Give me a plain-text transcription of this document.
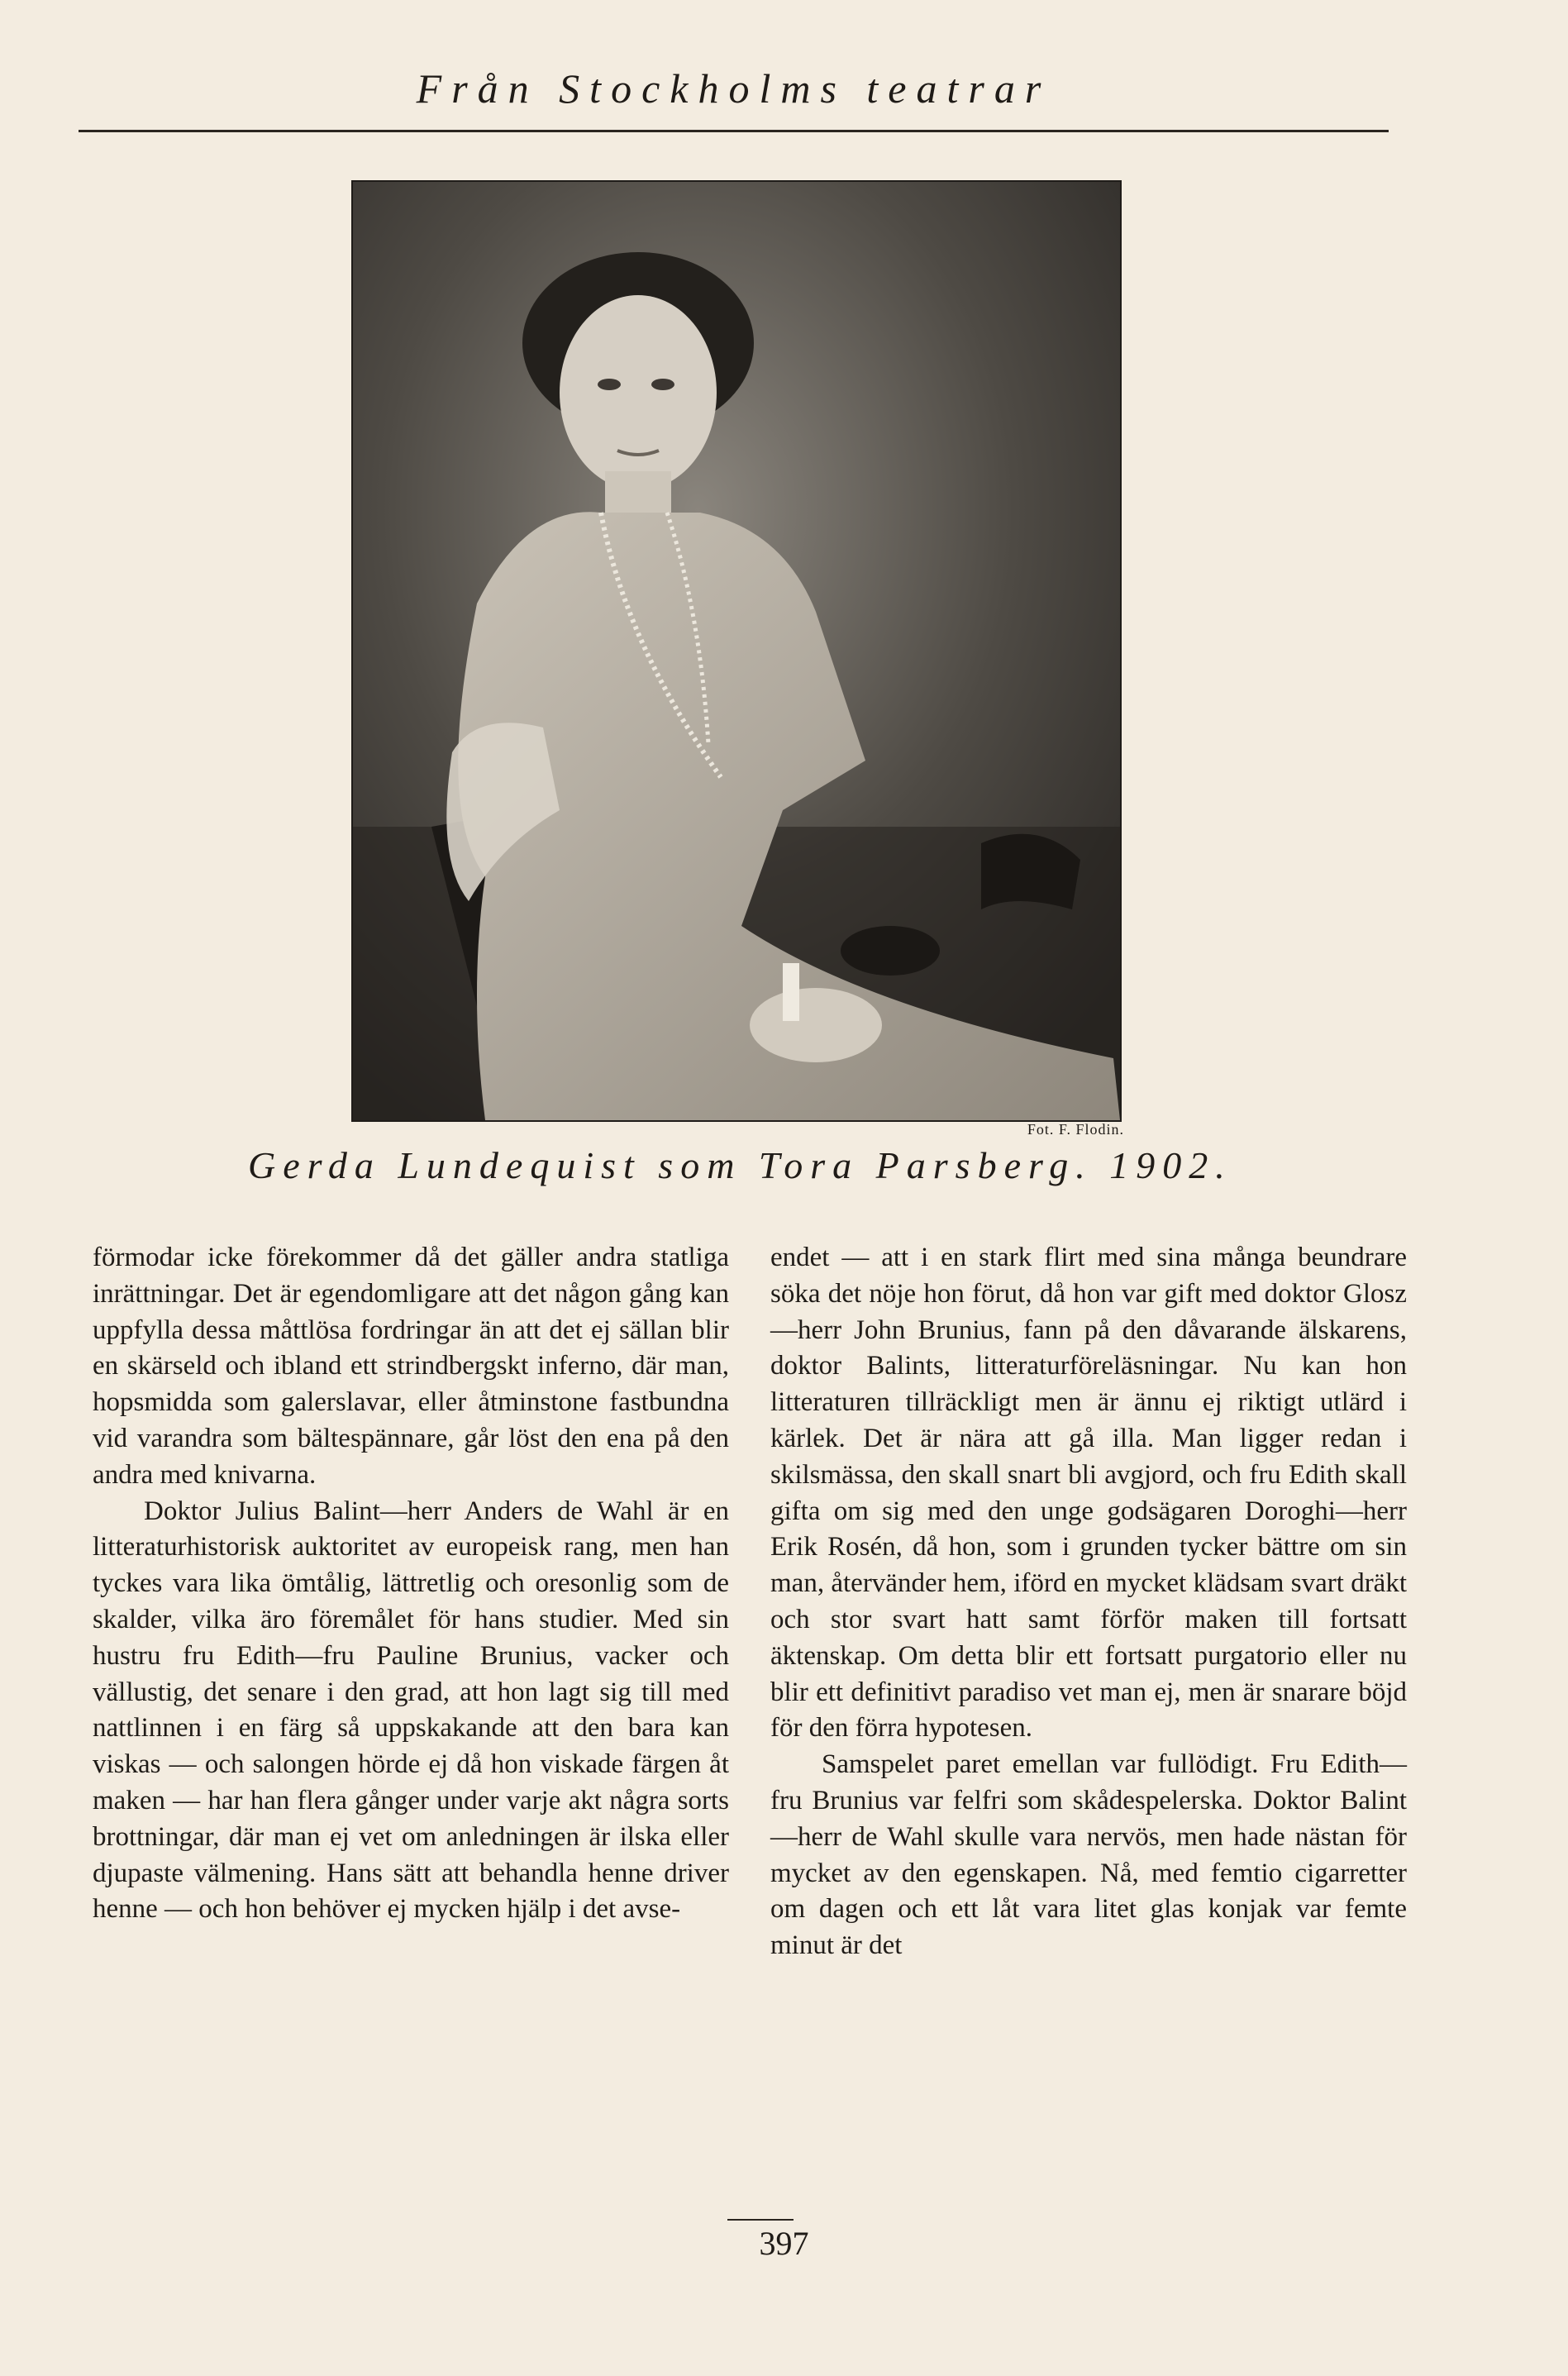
Från Stockholms teatrar
Fot. F. Flodin.
Gerda Lundequist som Tora Parsberg. 1902.

förmodar icke förekommer då det gäller andra statliga inrättningar. Det är egendomligare att det någon gång kan uppfylla dessa måttlösa fordringar än att det ej sällan blir en skärseld och ibland ett strindbergskt inferno, där man, hopsmidda som galerslavar, eller åtminstone fastbundna vid varandra som bältespännare, går löst den ena på den andra med knivarna.

Doktor Julius Balint—herr Anders de Wahl är en litteraturhistorisk auktoritet av europeisk rang, men han tyckes vara lika ömtålig, lättretlig och oresonlig som de skalder, vilka äro föremålet för hans studier. Med sin hustru fru Edith—fru Pauline Brunius, vacker och vällustig, det senare i den grad, att hon lagt sig till med nattlinnen i en färg så uppskakande att den bara kan viskas — och salongen hörde ej då hon viskade färgen åt maken — har han flera gånger under varje akt några sorts brottningar, där man ej vet om anledningen är ilska eller djupaste välmening. Hans sätt att behandla henne driver henne — och hon behöver ej mycken hjälp i det avse-

endet — att i en stark flirt med sina många beundrare söka det nöje hon förut, då hon var gift med doktor Glosz—herr John Brunius, fann på den dåvarande älskarens, doktor Balints, litteraturföreläsningar. Nu kan hon litteraturen tillräckligt men är ännu ej riktigt utlärd i kärlek. Det är nära att gå illa. Man ligger redan i skilsmässa, den skall snart bli avgjord, och fru Edith skall gifta om sig med den unge godsägaren Doroghi—herr Erik Rosén, då hon, som i grunden tycker bättre om sin man, återvänder hem, iförd en mycket klädsam svart dräkt och stor svart hatt samt förför maken till fortsatt äktenskap. Om detta blir ett fortsatt purgatorio eller nu blir ett definitivt paradiso vet man ej, men är snarare böjd för den förra hypotesen.

Samspelet paret emellan var fullödigt. Fru Edith—fru Brunius var felfri som skådespelerska. Doktor Balint—herr de Wahl skulle vara nervös, men hade nästan för mycket av den egenskapen. Nå, med femtio cigarretter om dagen och ett låt vara litet glas konjak var femte minut är det

397
